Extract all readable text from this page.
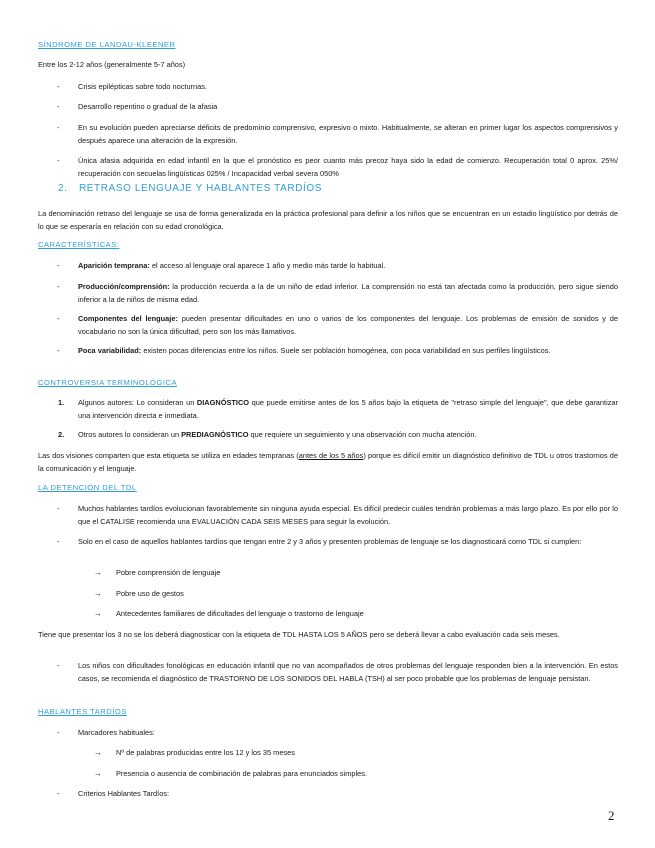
SÍNDROME DE LANDAU-KLEENER
Entre los 2-12 años (generalmente 5-7 años)
-	Crisis epilépticas sobre todo nocturnas.
-	Desarrollo repentino o gradual de la afasia
-	En su evolución pueden apreciarse déficits de predominio comprensivo, expresivo o mixto. Habitualmente, se alteran en primer lugar los aspectos comprensivos y después aparece una alteración de la expresión.
-	Única afasia adquirida en edad infantil en la que el pronóstico es peor cuanto más precoz haya sido la edad de comienzo. Recuperación total 0 aprox. 25%/ recuperación con secuelas lingüísticas 025% / Incapacidad verbal severa 050%
2. RETRASO LENGUAJE Y HABLANTES TARDÍOS
La denominación retraso del lenguaje se usa de forma generalizada en la práctica profesional para definir a los niños que se encuentran en un estadio lingüístico por detrás de lo que se esperaría en relación con su edad cronológica.
CARACTERÍSTICAS:
-	Aparición temprana: el acceso al lenguaje oral aparece 1 año y medio más tarde lo habitual.
-	Producción/comprensión: la producción recuerda a la de un niño de edad inferior. La comprensión no está tan afectada como la producción, pero sigue siendo inferior a la de niños de misma edad.
-	Componentes del lenguaje: pueden presentar dificultades en uno o varios de los componentes del lenguaje. Los problemas de emisión de sonidos y de vocabulario no son la única dificultad, pero son los más llamativos.
-	Poca variabilidad: existen pocas diferencias entre los niños. Suele ser población homogénea, con poca variabilidad en sus perfiles lingüísticos.
CONTROVERSIA TERMINOLÓGICA
1. Algunos autores: Lo consideran un DIAGNÓSTICO que puede emitirse antes de los 5 años bajo la etiqueta de "retraso simple del lenguaje", que debe garantizar una intervención directa e inmediata.
2. Otros autores lo consideran un PREDIAGNÓSTICO que requiere un seguimiento y una observación con mucha atención.
Las dos visiones comparten que esta etiqueta se utiliza en edades tempranas (antes de los 5 años) porque es difícil emitir un diagnóstico definitivo de TDL u otros trastornos de la comunicación y el lenguaje.
LA DETENCIÓN DEL TDL
-	Muchos hablantes tardíos evolucionan favorablemente sin ninguna ayuda especial. Es difícil predecir cuáles tendrán problemas a más largo plazo. Es por ello por lo que el CATALISE recomienda una EVALUACIÓN CADA SEIS MESES para seguir la evolución.
-	Solo en el caso de aquellos hablantes tardíos que tengan entre 2 y 3 años y presenten problemas de lenguaje se los diagnosticará como TDL si cumplen:
→ Pobre comprensión de lenguaje
→ Pobre uso de gestos
→ Antecedentes familiares de dificultades del lenguaje o trastorno de lenguaje
Tiene que presentar los 3 no se los deberá diagnosticar con la etiqueta de TDL HASTA LOS 5 AÑOS pero se deberá llevar a cabo evaluación cada seis meses.
-	Los niños con dificultades fonológicas en educación infantil que no van acompañados de otros problemas del lenguaje responden bien a la intervención. En estos casos, se recomienda el diagnóstico de TRASTORNO DE LOS SONIDOS DEL HABLA (TSH) al ser poco probable que los problemas de lenguaje persistan.
HABLANTES TARDÍOS
-	Marcadores habituales:
→ Nº de palabras producidas entre los 12 y los 35 meses
→ Presencia o ausencia de combinación de palabras para enunciados simples.
-	Criterios Hablantes Tardíos:
2
